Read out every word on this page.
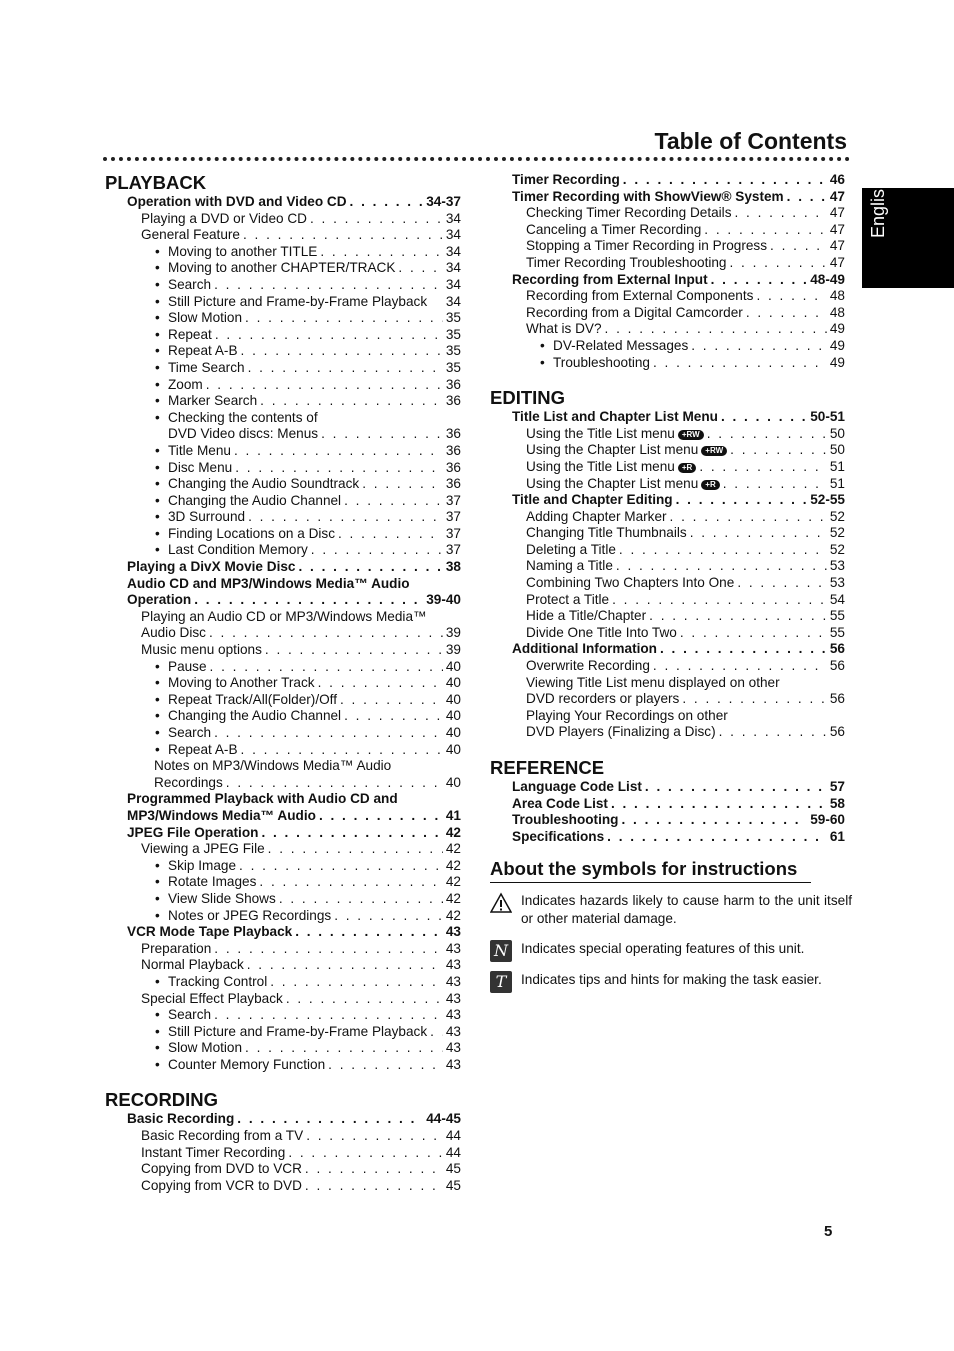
Table of Contents
English
PLAYBACK
Operation with DVD and Video CD . . .	34-37
Playing a DVD or Video CD . . .	34
General Feature . . .	34
• Moving to another TITLE . . .	34
• Moving to another CHAPTER/TRACK . . .	34
• Search . . .	34
• Still Picture and Frame-by-Frame Playback 34
• Slow Motion . . .	35
• Repeat . . .	35
• Repeat A-B . . .	35
• Time Search . . .	35
• Zoom . . .	36
• Marker Search . . .	36
• Checking the contents of
DVD Video discs: Menus . . .	36
• Title Menu . . .	36
• Disc Menu . . .	36
• Changing the Audio Soundtrack . . .	36
• Changing the Audio Channel . . .	37
• 3D Surround . . .	37
• Finding Locations on a Disc . . .	37
• Last Condition Memory . . .	37
Playing a DivX Movie Disc . . .	38
Audio CD and MP3/Windows Media™ Audio
Operation . . .	39-40
Playing an Audio CD or MP3/Windows Media™
Audio Disc . . .	39
Music menu options . . .	39
• Pause . . .	40
• Moving to Another Track . . .	40
• Repeat Track/All(Folder)/Off . . .	40
• Changing the Audio Channel . . .	40
• Search . . .	40
• Repeat A-B . . .	40
Notes on MP3/Windows Media™ Audio
Recordings . . .	40
Programmed Playback with Audio CD and
MP3/Windows Media™ Audio . . .	41
JPEG File Operation . . .	42
Viewing a JPEG File . . .	42
• Skip Image . . .	42
• Rotate Images . . .	42
• View Slide Shows . . .	42
• Notes or JPEG Recordings . . .	42
VCR Mode Tape Playback . . .	43
Preparation . . .	43
Normal Playback . . .	43
• Tracking Control . . .	43
Special Effect Playback . . .	43
• Search . . .	43
• Still Picture and Frame-by-Frame Playback . . . 43
• Slow Motion . . .	43
• Counter Memory Function . . .	43
RECORDING
Basic Recording . . .	44-45
Basic Recording from a TV . . .	44
Instant Timer Recording . . .	44
Copying from DVD to VCR . . .	45
Copying from VCR to DVD . . .	45
Timer Recording . . .	46
Timer Recording with ShowView® System . . .	47
Checking Timer Recording Details . . .	47
Canceling a Timer Recording . . .	47
Stopping a Timer Recording in Progress . . .	47
Timer Recording Troubleshooting . . .	47
Recording from External Input . . .	48-49
Recording from External Components . . .	48
Recording from a Digital Camcorder . . .	48
What is DV? . . .	49
• DV-Related Messages . . .	49
• Troubleshooting . . .	49
EDITING
Title List and Chapter List Menu . . .	50-51
Using the Title List menu +RW . . .	50
Using the Chapter List menu +RW . . .	50
Using the Title List menu +R . . .	51
Using the Chapter List menu +R . . .	51
Title and Chapter Editing . . .	52-55
Adding Chapter Marker . . .	52
Changing Title Thumbnails . . .	52
Deleting a Title . . .	52
Naming a Title . . .	53
Combining Two Chapters Into One . . .	53
Protect a Title . . .	54
Hide a Title/Chapter . . .	55
Divide One Title Into Two . . .	55
Additional Information . . .	56
Overwrite Recording . . .	56
Viewing Title List menu displayed on other
DVD recorders or players . . .	56
Playing Your Recordings on other
DVD Players (Finalizing a Disc) . . .	56
REFERENCE
Language Code List . . .	57
Area Code List . . .	58
Troubleshooting . . .	59-60
Specifications . . .	61
About the symbols for instructions
Indicates hazards likely to cause harm to the unit itself or other material damage.
N Indicates special operating features of this unit.
T	Indicates tips and hints for making the task easier.
5
